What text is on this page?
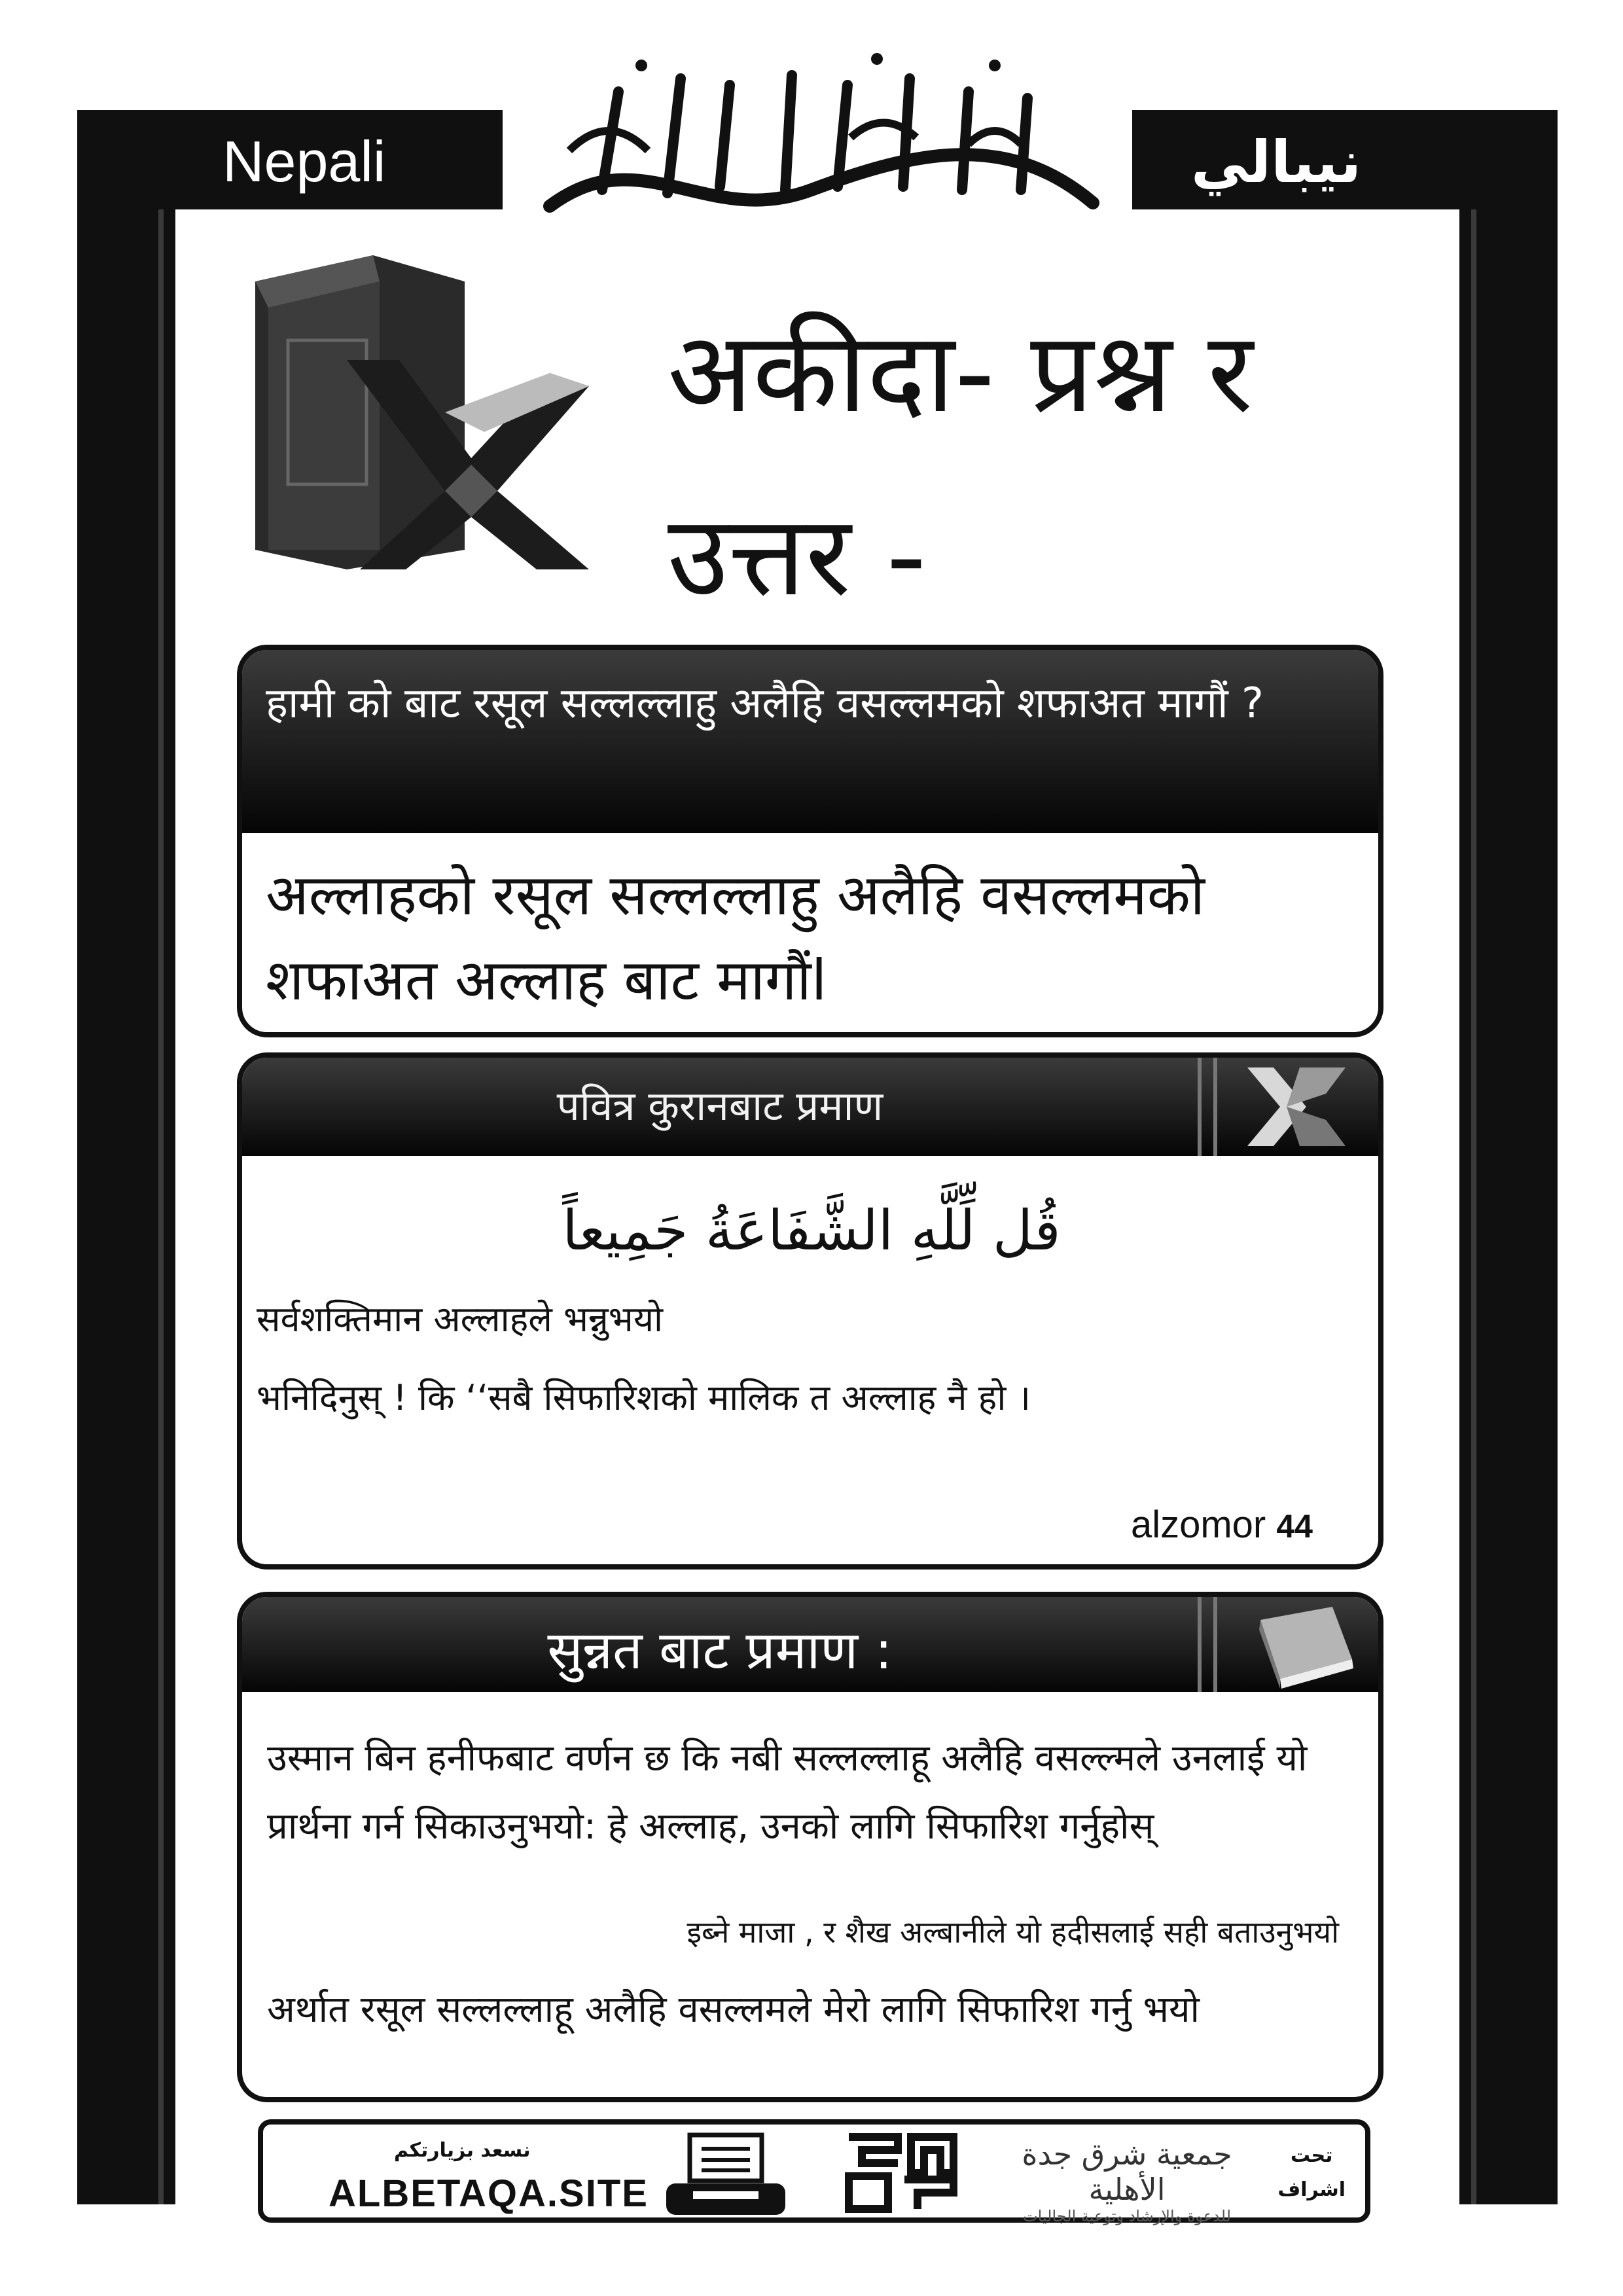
Nepali	نيبالي
अकीदा- प्रश्न र
उत्तर -
हामी को बाट रसूल सल्लल्लाहु अलैहि वसल्लमको शफाअत मागौं ?
अल्लाहको रसूल सल्लल्लाहु अलैहि वसल्लमको शफाअत अल्लाह बाट मागौंl
पवित्र कुरानबाट प्रमाण
قُل لِّلَّهِ الشَّفَاعَةُ جَمِيعاً
सर्वशक्तिमान अल्लाहले भन्नुभयो
भनिदिनुस् ! कि ‘‘सबै सिफारिशको मालिक त अल्लाह नै हो ।
alzomor 44
सुन्नत बाट प्रमाण :
उस्मान बिन हनीफबाट वर्णन छ कि नबी सल्लल्लाहू अलैहि वसल्ल्मले उनलाई यो प्रार्थना गर्न सिकाउनुभयो: हे अल्लाह, उनको लागि सिफारिश गर्नुहोस्
इब्ने माजा , र शैख अल्बानीले यो हदीसलाई सही बताउनुभयो
अर्थात रसूल सल्लल्लाहू अलैहि वसल्लमले मेरो लागि सिफारिश गर्नु भयो
نسعد بزيارتكم
ALBETAQA.SITE
جمعية شرق جدة الأهلية
للدعوة والإرشاد وتوعية الجاليات
تحت
اشراف
